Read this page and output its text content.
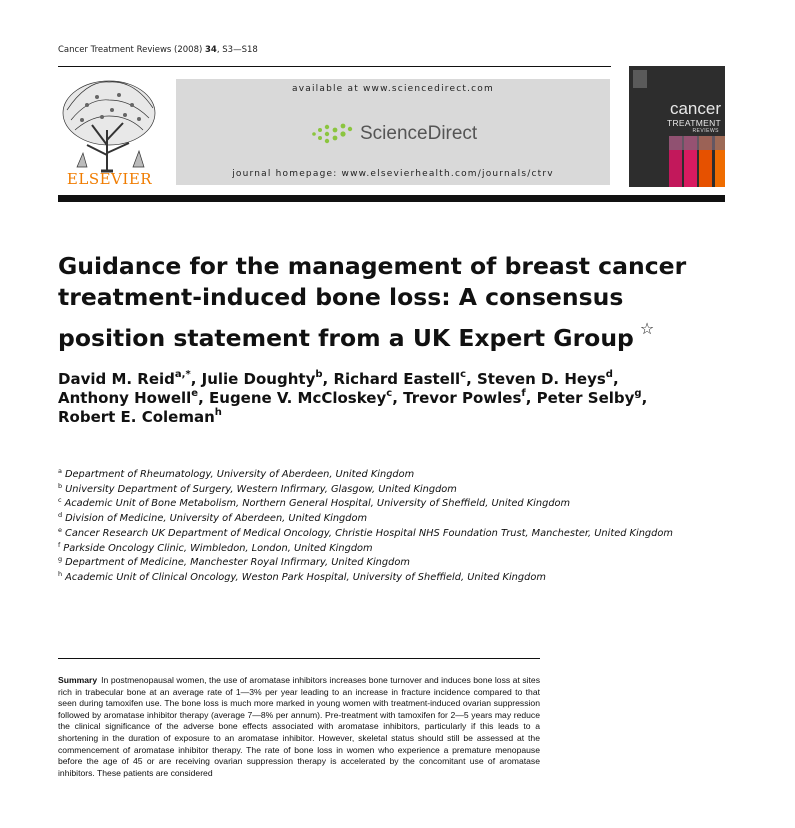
Cancer Treatment Reviews (2008) 34, S3—S18
ELSEVIER
available at www.sciencedirect.com
ScienceDirect
journal homepage: www.elsevierhealth.com/journals/ctrv
cancer
TREATMENT
REVIEWS
Guidance for the management of breast cancer treatment-induced bone loss: A consensus position statement from a UK Expert Group ☆
David M. Reid$^{a,*}$, Julie Doughty$^b$, Richard Eastell$^c$, Steven D. Heys$^d$,
Anthony Howell$^e$, Eugene V. McCloskey$^c$, Trevor Powles$^f$, Peter Selby$^g$,
Robert E. Coleman$^h$
$^a$ Department of Rheumatology, University of Aberdeen, United Kingdom
$^b$ University Department of Surgery, Western Infirmary, Glasgow, United Kingdom
$^c$ Academic Unit of Bone Metabolism, Northern General Hospital, University of Sheffield, United Kingdom
$^d$ Division of Medicine, University of Aberdeen, United Kingdom
$^e$ Cancer Research UK Department of Medical Oncology, Christie Hospital NHS Foundation Trust, Manchester, United Kingdom
$^f$ Parkside Oncology Clinic, Wimbledon, London, United Kingdom
$^g$ Department of Medicine, Manchester Royal Infirmary, United Kingdom
$^h$ Academic Unit of Clinical Oncology, Weston Park Hospital, University of Sheffield, United Kingdom
Summary In postmenopausal women, the use of aromatase inhibitors increases bone turnover and induces bone loss at sites rich in trabecular bone at an average rate of 1—3% per year leading to an increase in fracture incidence compared to that seen during tamoxifen use. The bone loss is much more marked in young women with treatment-induced ovarian suppression followed by aromatase inhibitor therapy (average 7—8% per annum). Pre-treatment with tamoxifen for 2—5 years may reduce the clinical significance of the adverse bone effects associated with aromatase inhibitors, particularly if this leads to a shortening in the duration of exposure to an aromatase inhibitor. However, skeletal status should still be assessed at the commencement of aromatase inhibitor therapy. The rate of bone loss in women who experience a premature menopause before the age of 45 or are receiving ovarian suppression therapy is accelerated by the concomitant use of aromatase inhibitors. These patients are considered
